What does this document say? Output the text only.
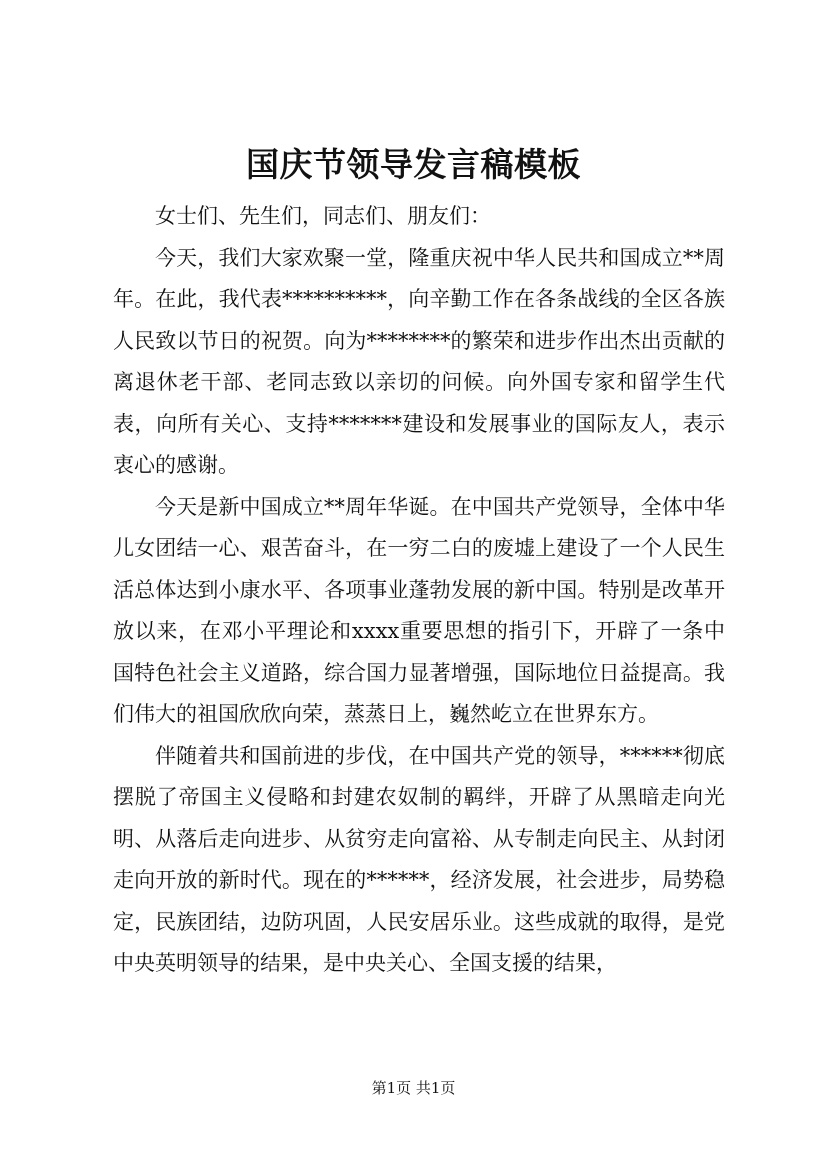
国庆节领导发言稿模板

女士们、先生们，同志们、朋友们：

今天，我们大家欢聚一堂，隆重庆祝中华人民共和国成立**周年。在此，我代表**********，向辛勤工作在各条战线的全区各族人民致以节日的祝贺。向为********的繁荣和进步作出杰出贡献的离退休老干部、老同志致以亲切的问候。向外国专家和留学生代表，向所有关心、支持*******建设和发展事业的国际友人，表示衷心的感谢。

今天是新中国成立**周年华诞。在中国共产党领导，全体中华儿女团结一心、艰苦奋斗，在一穷二白的废墟上建设了一个人民生活总体达到小康水平、各项事业蓬勃发展的新中国。特别是改革开放以来，在邓小平理论和xxxx重要思想的指引下，开辟了一条中国特色社会主义道路，综合国力显著增强，国际地位日益提高。我们伟大的祖国欣欣向荣，蒸蒸日上，巍然屹立在世界东方。

伴随着共和国前进的步伐，在中国共产党的领导，******彻底摆脱了帝国主义侵略和封建农奴制的羁绊，开辟了从黑暗走向光明、从落后走向进步、从贫穷走向富裕、从专制走向民主、从封闭走向开放的新时代。现在的******，经济发展，社会进步，局势稳定，民族团结，边防巩固，人民安居乐业。这些成就的取得，是党中央英明领导的结果，是中央关心、全国支援的结果，

第1页 共1页
